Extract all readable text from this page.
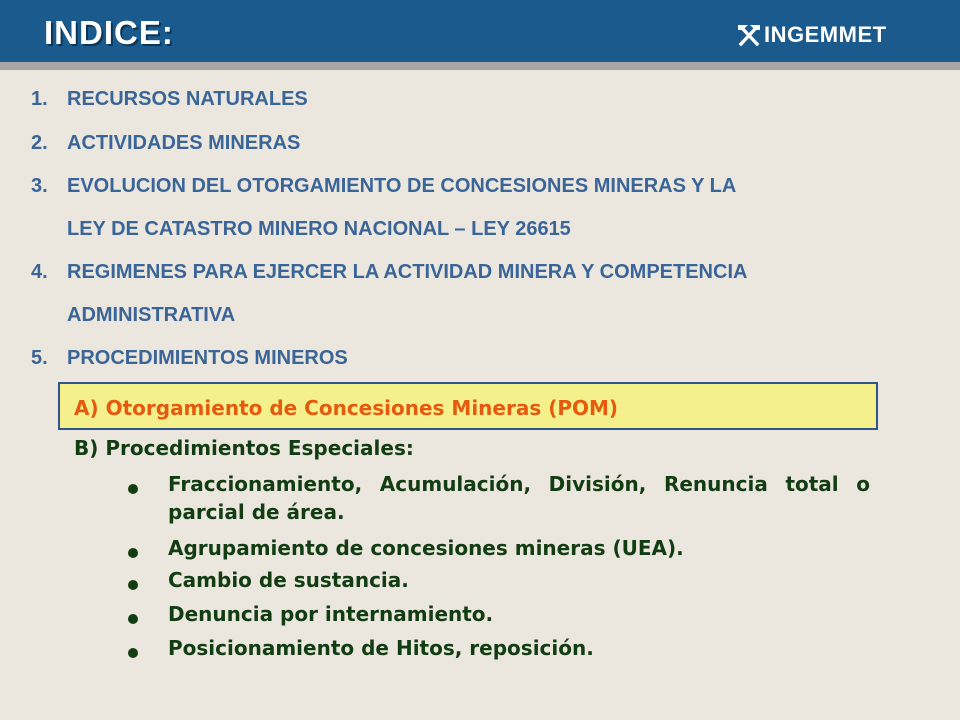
INDICE:	INGEMMET
1. RECURSOS NATURALES
2. ACTIVIDADES MINERAS
3. EVOLUCION DEL OTORGAMIENTO DE CONCESIONES MINERAS Y LA
LEY DE CATASTRO MINERO NACIONAL – LEY 26615
4. REGIMENES PARA EJERCER LA ACTIVIDAD MINERA Y COMPETENCIA
ADMINISTRATIVA
5. PROCEDIMIENTOS MINEROS
A) Otorgamiento de Concesiones Mineras (POM)
B) Procedimientos Especiales:
Fraccionamiento, Acumulación, División, Renuncia total o parcial de área.
Agrupamiento de concesiones mineras (UEA).
Cambio de sustancia.
Denuncia por internamiento.
Posicionamiento de Hitos, reposición.
